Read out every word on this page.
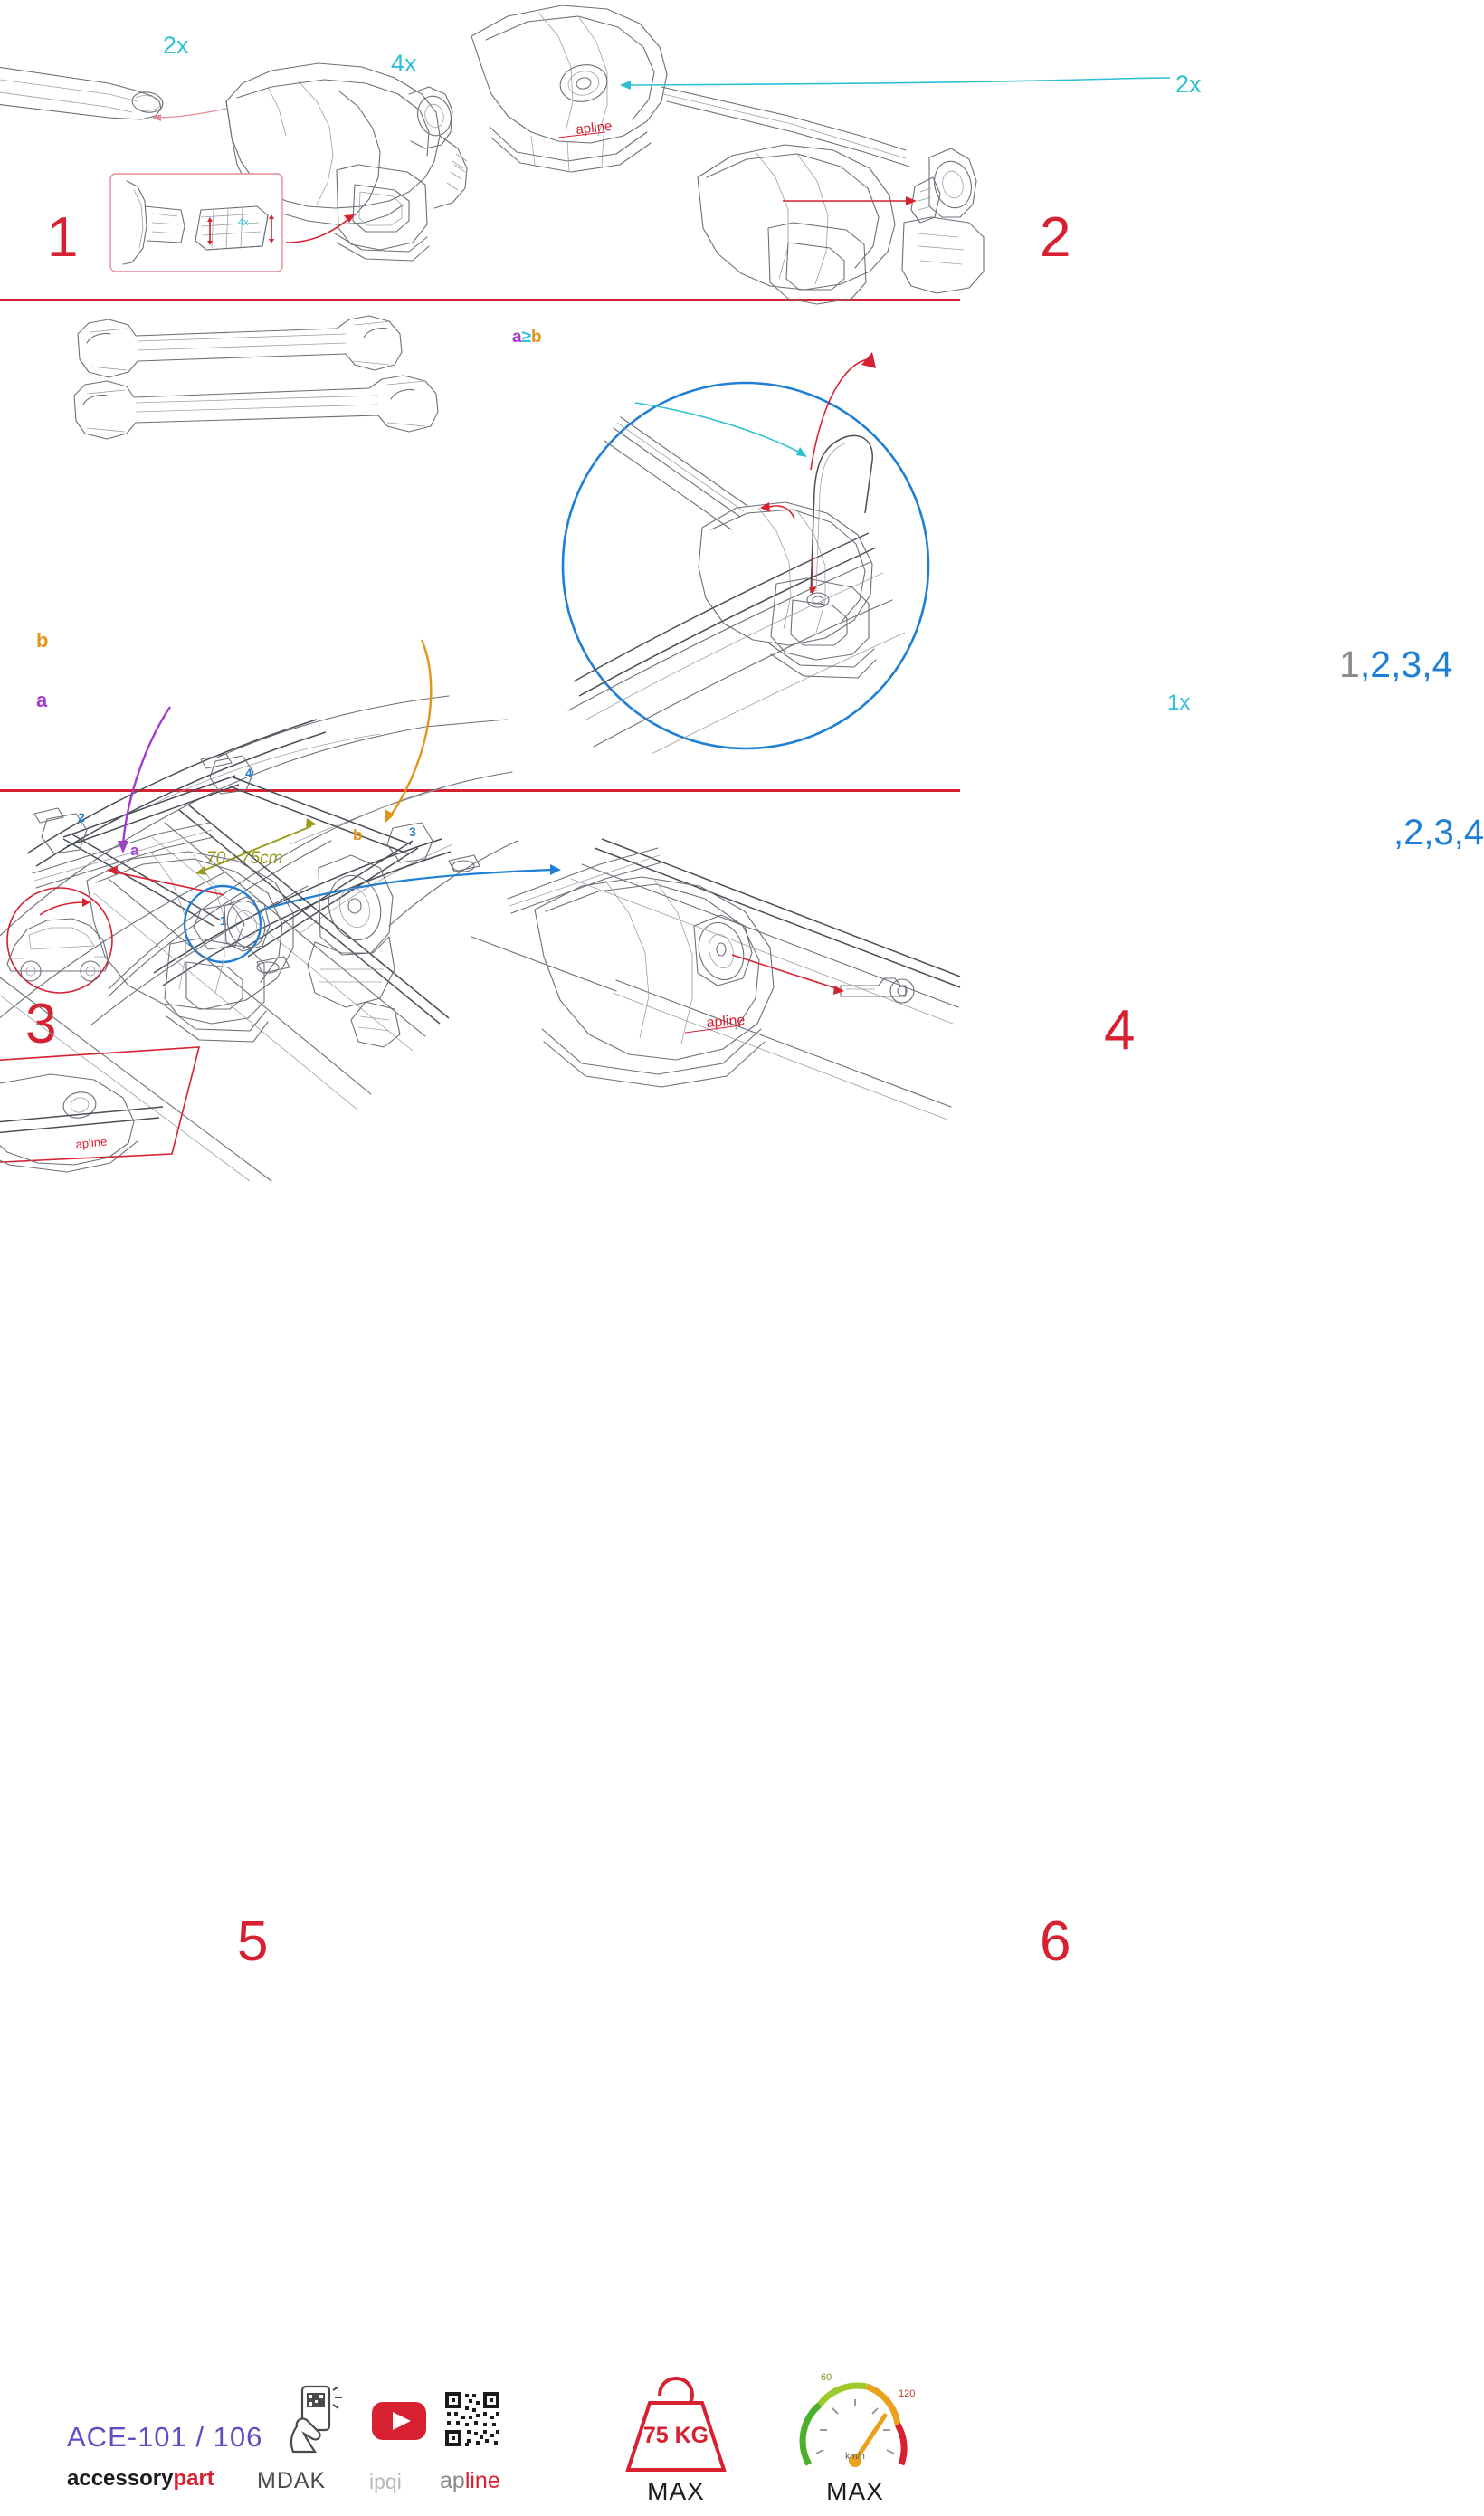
1
2x
4x
4x
apline
2
2x
3
b
a
a
b
70 - 75cm
2
4
3
1
a≥b
4
1x
1,2,3,4
,2,3,4
apline
5
apline
6
ACE-101 / 106
accessorypart MDAK ipqi apline
75 KG
MAX
km/h
60
120
MAX
